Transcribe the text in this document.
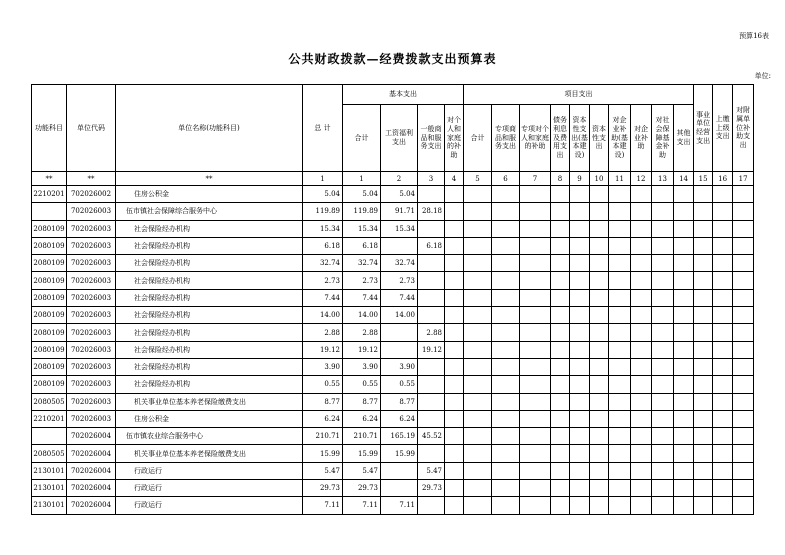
预算16表
公共财政拨款—经费拨款支出预算表
单位:
功能科目	单位代码	单位名称(功能科目)	总 计	基本支出				项目支出										事业单位经营支出	上缴上级支出	对附属单位补助支出
				合计	工资福利支出	一般商品和服务支出	对个人和家庭的补助	合计	专项商品和服务支出	专项对个人和家庭的补助	债务利息及费用支出	资本性支出(基本建设)	资本性支出	对企业补助(基本建设)	对企业补助	对社会保障基金补助	其他支出			
**	**	**	1	1	2	3	4	5	6	7	8	9	10	11	12	13	14	15	16	17
2210201	702026002	住房公积金	5.04	5.04	5.04															
	702026003	伍市镇社会保障综合服务中心	119.89	119.89	91.71	28.18														
2080109	702026003	社会保险经办机构	15.34	15.34	15.34															
2080109	702026003	社会保险经办机构	6.18	6.18		6.18														
2080109	702026003	社会保险经办机构	32.74	32.74	32.74															
2080109	702026003	社会保险经办机构	2.73	2.73	2.73															
2080109	702026003	社会保险经办机构	7.44	7.44	7.44															
2080109	702026003	社会保险经办机构	14.00	14.00	14.00															
2080109	702026003	社会保险经办机构	2.88	2.88		2.88														
2080109	702026003	社会保险经办机构	19.12	19.12		19.12														
2080109	702026003	社会保险经办机构	3.90	3.90	3.90															
2080109	702026003	社会保险经办机构	0.55	0.55	0.55															
2080505	702026003	机关事业单位基本养老保险缴费支出	8.77	8.77	8.77															
2210201	702026003	住房公积金	6.24	6.24	6.24															
	702026004	伍市镇农业综合服务中心	210.71	210.71	165.19	45.52														
2080505	702026004	机关事业单位基本养老保险缴费支出	15.99	15.99	15.99															
2130101	702026004	行政运行	5.47	5.47		5.47														
2130101	702026004	行政运行	29.73	29.73		29.73														
2130101	702026004	行政运行	7.11	7.11	7.11															
